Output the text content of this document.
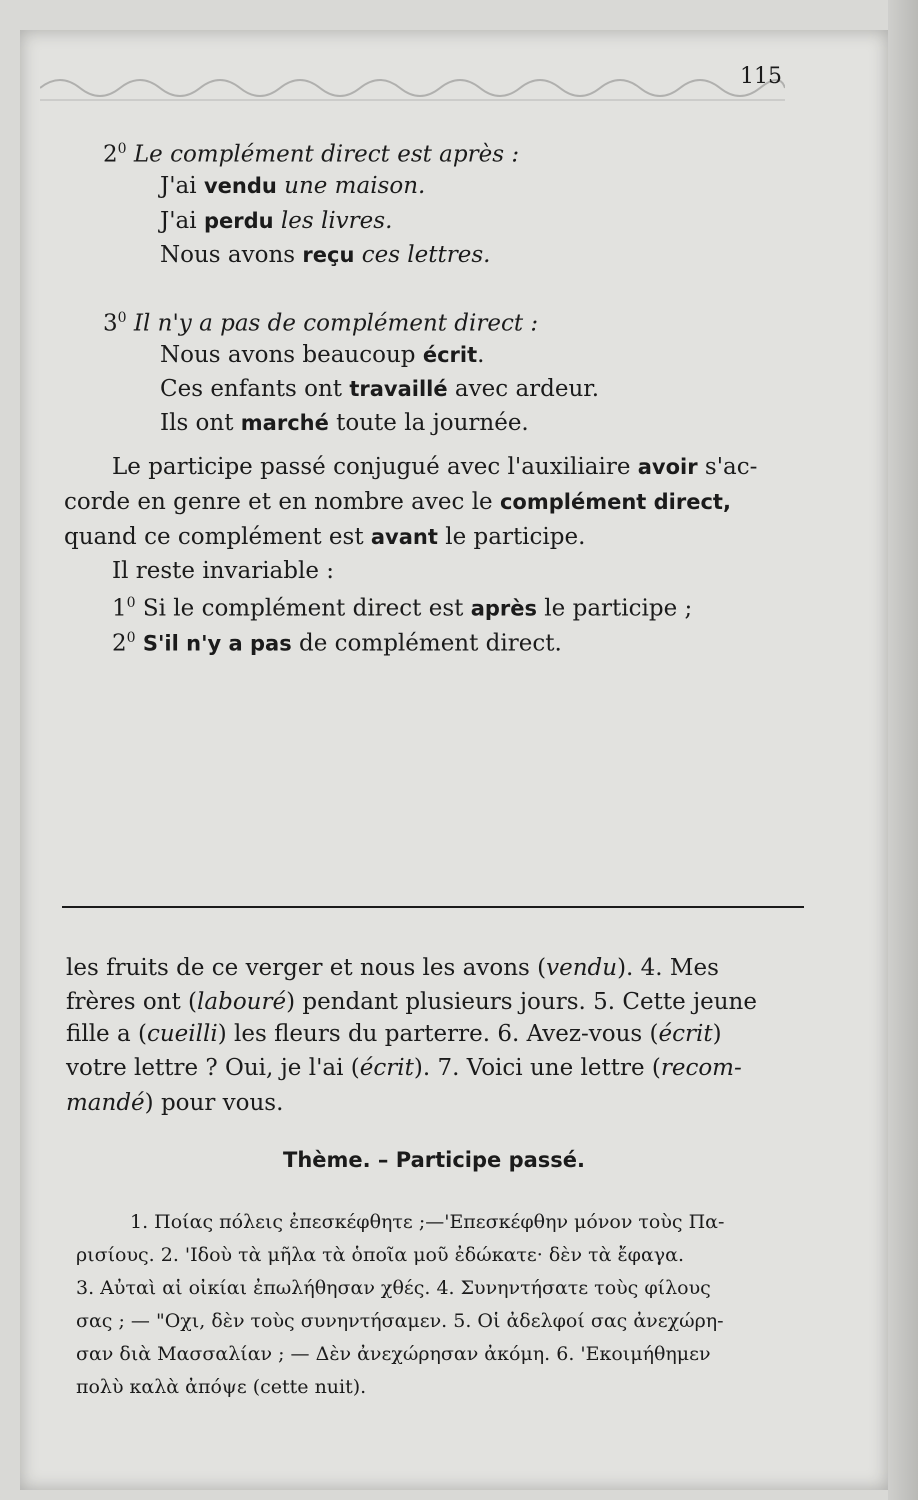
115
$2^0$ Le complément direct est après :
J'ai vendu une maison.
J'ai perdu les livres.
Nous avons reçu ces lettres.
$3^0$ Il n'y a pas de complément direct :
Nous avons beaucoup écrit.
Ces enfants ont travaillé avec ardeur.
Ils ont marché toute la journée.
Le participe passé conjugué avec l'auxiliaire avoir s'ac-
corde en genre et en nombre avec le complément direct,
quand ce complément est avant le participe.
Il reste invariable :
$1^0$ Si le complément direct est après le participe ;
$2^0$ S'il n'y a pas de complément direct.
les fruits de ce verger et nous les avons (vendu). 4. Mes
frères ont (labouré) pendant plusieurs jours. 5. Cette jeune
fille a (cueilli) les fleurs du parterre. 6. Avez-vous (écrit)
votre lettre ? Oui, je l'ai (écrit). 7. Voici une lettre (recom-
mandé) pour vous.
Thème. – Participe passé.
1. Ποίας πόλεις ἐπεσκέφθητε ;—'Επεσκέφθην μόνον τοὺς Πα-
ρισίους. 2. 'Ιδοὺ τὰ μῆλα τὰ ὁποῖα μοῦ ἐδώκατε· δὲν τὰ ἔφαγα.
3. Αὐταὶ αἱ οἰκίαι ἐπωλήθησαν χθές. 4. Συνηντήσατε τοὺς φίλους
σας ; — "Οχι, δὲν τοὺς συνηντήσαμεν. 5. Οἱ ἀδελφοί σας ἀνεχώρη-
σαν διὰ Μασσαλίαν ; — Δὲν ἀνεχώρησαν ἀκόμη. 6. 'Εκοιμήθημεν
πολὺ καλὰ ἀπόψε (cette nuit).
